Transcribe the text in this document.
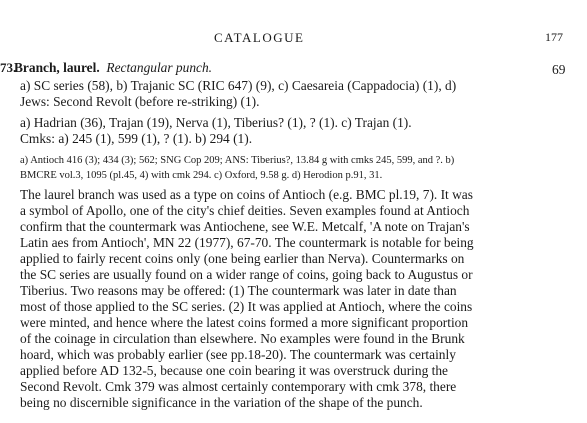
CATALOGUE	177
73.Branch, laurel. Rectangular punch.	69
a) SC series (58), b) Trajanic SC (RIC 647) (9), c) Caesareia (Cappadocia) (1), d)
Jews: Second Revolt (before re-striking) (1).
a) Hadrian (36), Trajan (19), Nerva (1), Tiberius? (1), ? (1). c) Trajan (1).
Cmks: a) 245 (1), 599 (1), ? (1). b) 294 (1).
a) Antioch 416 (3); 434 (3); 562; SNG Cop 209; ANS: Tiberius?, 13.84 g with cmks 245, 599, and ?. b)
BMCRE vol.3, 1095 (pl.45, 4) with cmk 294. c) Oxford, 9.58 g. d) Herodion p.91, 31.
The laurel branch was used as a type on coins of Antioch (e.g. BMC pl.19, 7). It was
a symbol of Apollo, one of the city's chief deities. Seven examples found at Antioch
confirm that the countermark was Antiochene, see W.E. Metcalf, 'A note on Trajan's
Latin aes from Antioch', MN 22 (1977), 67-70. The countermark is notable for being
applied to fairly recent coins only (one being earlier than Nerva). Countermarks on
the SC series are usually found on a wider range of coins, going back to Augustus or
Tiberius. Two reasons may be offered: (1) The countermark was later in date than
most of those applied to the SC series. (2) It was applied at Antioch, where the coins
were minted, and hence where the latest coins formed a more significant proportion
of the coinage in circulation than elsewhere. No examples were found in the Brunk
hoard, which was probably earlier (see pp.18-20). The countermark was certainly
applied before AD 132-5, because one coin bearing it was overstruck during the
Second Revolt. Cmk 379 was almost certainly contemporary with cmk 378, there
being no discernible significance in the variation of the shape of the punch.
